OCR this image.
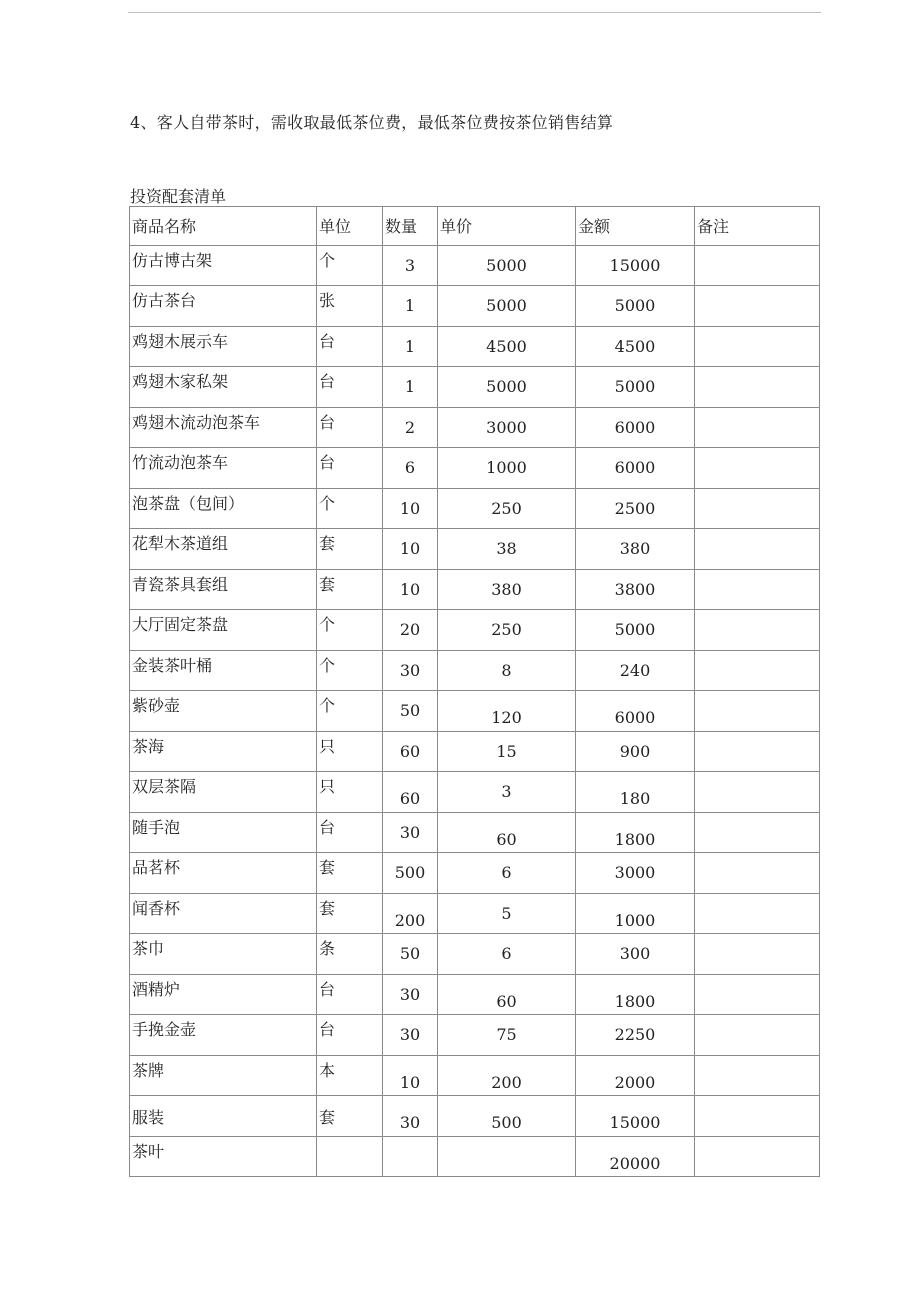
4、客人自带茶时，需收取最低茶位费，最低茶位费按茶位销售结算
投资配套清单
商品名称	单位	数量	单价	金额	备注
仿古博古架	个	3	5000	15000	
仿古茶台	张	1	5000	5000	
鸡翅木展示车	台	1	4500	4500	
鸡翅木家私架	台	1	5000	5000	
鸡翅木流动泡茶车	台	2	3000	6000	
竹流动泡茶车	台	6	1000	6000	
泡茶盘（包间）	个	10	250	2500	
花犁木茶道组	套	10	38	380	
青瓷茶具套组	套	10	380	3800	
大厅固定茶盘	个	20	250	5000	
金装茶叶桶	个	30	8	240	
紫砂壶	个	50	120	6000	
茶海	只	60	15	900	
双层茶隔	只	60	3	180	
随手泡	台	30	60	1800	
品茗杯	套	500	6	3000	
闻香杯	套	200	5	1000	
茶巾	条	50	6	300	
酒精炉	台	30	60	1800	
手挽金壶	台	30	75	2250	
茶牌	本	10	200	2000	
服装	套	30	500	15000	
茶叶				20000	
